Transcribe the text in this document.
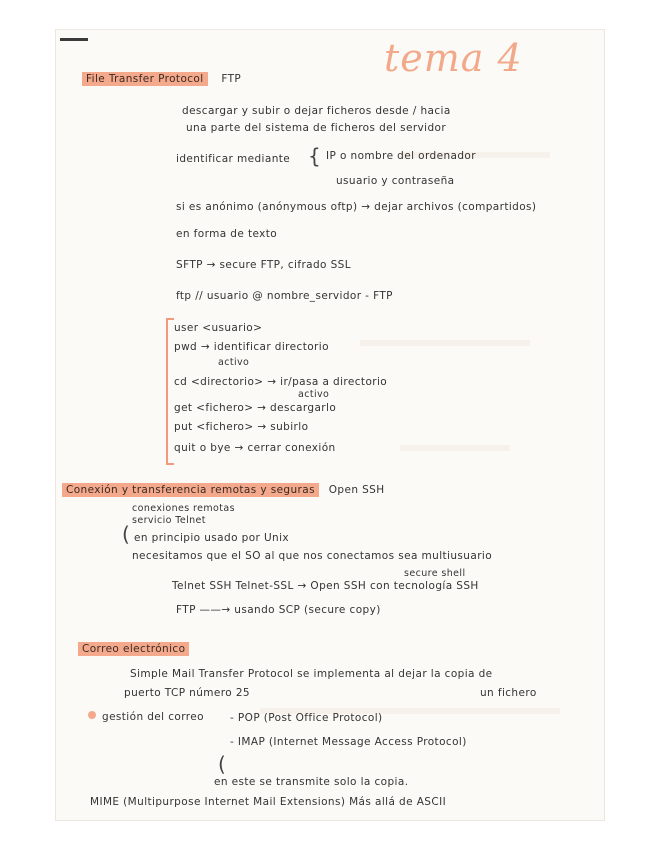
tema 4
File Transfer Protocol FTP
descargar y subir o dejar ficheros desde / hacia
una parte del sistema de ficheros del servidor
identificar mediante { IP o nombre del ordenador
usuario y contraseña
si es anónimo (anónymous oftp) → dejar archivos (compartidos)
en forma de texto
SFTP → secure FTP, cifrado SSL
ftp // usuario @ nombre_servidor - FTP
user <usuario>
pwd → identificar directorio
activo
cd <directorio> → ir/pasa a directorio
activo
get <fichero> → descargarlo
put <fichero> → subirlo
quit o bye → cerrar conexión
Conexión y transferencia remotas y seguras Open SSH
conexiones remotas
servicio Telnet
( en principio usado por Unix
necesitamos que el SO al que nos conectamos sea multiusuario
secure shell
Telnet SSH Telnet-SSL → Open SSH con tecnología SSH
FTP ——→ usando SCP (secure copy)
Correo electrónico
Simple Mail Transfer Protocol se implementa al dejar la copia de
puerto TCP número 25	un fichero
gestión del correo - POP (Post Office Protocol)
- IMAP (Internet Message Access Protocol)
(
en este se transmite solo la copia.
MIME (Multipurpose Internet Mail Extensions) Más allá de ASCII
